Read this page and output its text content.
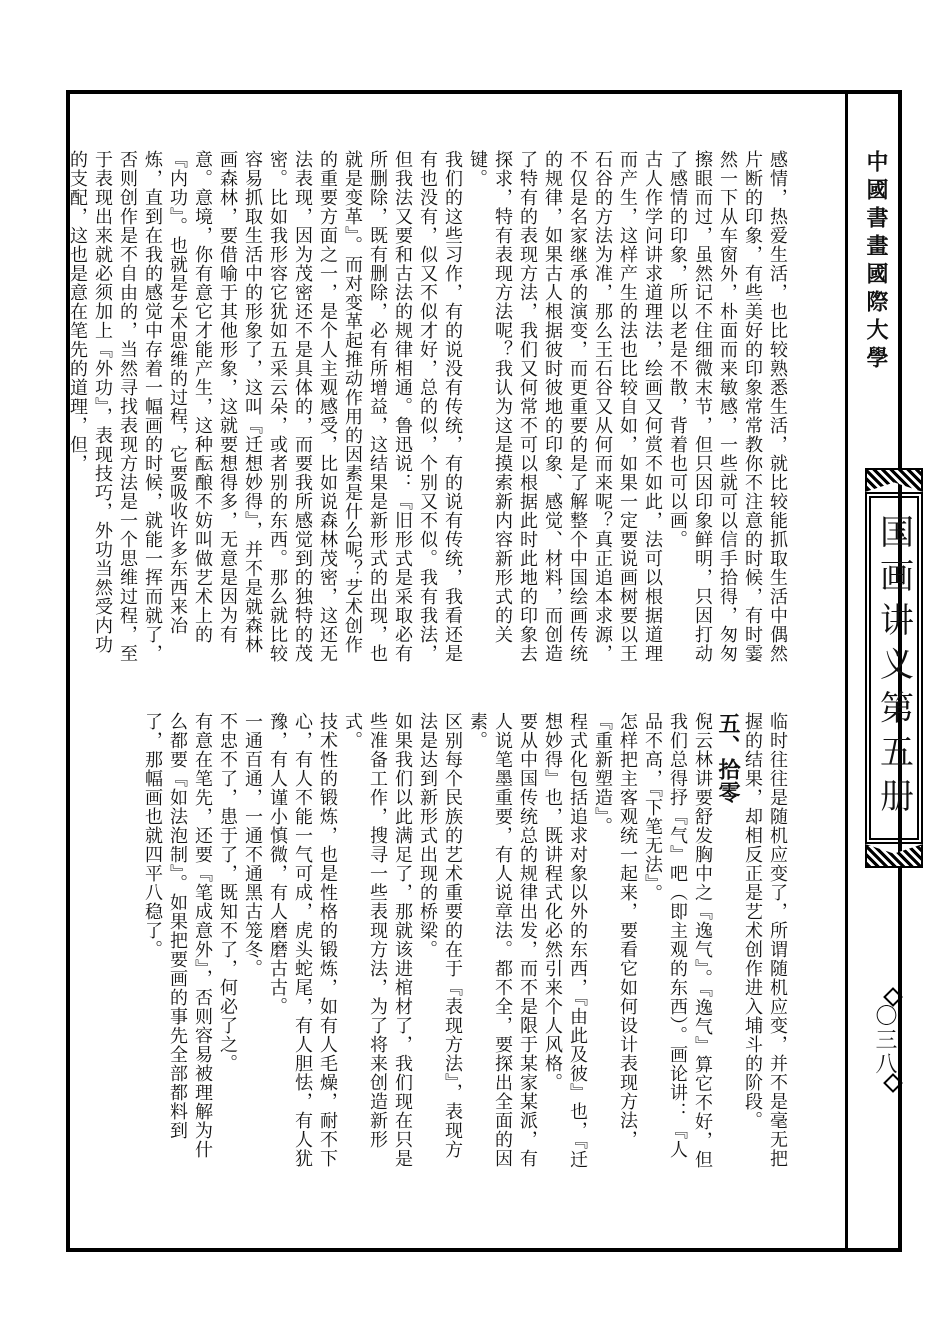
中國書畫國際大學
国画讲义第五册
〇三八

感情，热爱生活，也比较熟悉生活，就比较能抓取生活中偶然片断的印象，有些美好的印象常常教你不注意的时候，有时霎然一下从车窗外，朴面而来敏感，一些就可以信手拾得，匆匆擦眼而过，虽然记不住细微末节，但只因印象鲜明，只因打动了感情的印象，所以老是不散，背着也可以画。

古人作学问讲求道理法，绘画又何赏不如此，法可以根据道理而产生，这样产生的法也比较自如，如果一定要说画树要以王石谷的方法为准，那么王石谷又从何而来呢？真正追本求源，不仅是名家继承的演变，而更重要的是了解整个中国绘画传统的规律，如果古人根据彼时彼地的印象、感觉、材料，而创造了特有的表现方法，我们又何常不可以根据此时此地的印象去探求，特有表现方法呢？我认为这是摸索新内容新形式的关键。

我们的这些习作，有的说没有传统，有的说有传统，我看还是有也没有，似又不似才好，总的似，个别又不似。我有我法，但我法又要和古法的规律相通。鲁迅说：『旧形式是采取必有所删除，既有删除，必有所增益，这结果是新形式的出现，也就是变革』。而对变革起推动作用的因素是什么呢？艺术创作的重要方面之一，是个人主观感受，比如说森林茂密，这还无法表现，因为茂密还不是具体的，而要我所感觉到的独特的茂密。比如我形容它犹如五采云朵，或者别的东西。那么就比较容易抓取生活中的形象了，这叫『迁想妙得』，并不是就森林画森林，要借喻于其他形象，这就要想得多，无意是因为有意。意境，你有意它才能产生，这种酝酿不妨叫做艺术上的『内功』。也就是艺术思维的过程，它要吸收许多东西来冶炼，直到在我的感觉中存着一幅画的时候，就能一挥而就了，否则创作是不自由的，当然寻找表现方法是一个思维过程，至于表现出来就必须加上『外功』，表现技巧，外功当然受内功的支配，这也是意在笔先的道理，但，

临时往往是随机应变了，所谓随机应变，并不是毫无把握的结果，却相反正是艺术创作进入埔斗的阶段。

五、拾零

倪云林讲要舒发胸中之『逸气』。『逸气』算它不好，但我们总得抒『气』吧（即主观的东西）。画论讲：『人品不高，『下笔无法』。

怎样把主客观统一起来，要看它如何设计表现方法，『重新塑造』。

程式化包括追求对象以外的东西，『由此及彼』也，『迁想妙得』也，既讲程式化必然引来个人风格。

要从中国传统总的规律出发，而不是限于某家某派，有人说笔墨重要，有人说章法。都不全，要探出全面的因素。

区别每个民族的艺术重要的在于『表现方法』，表现方法是达到新形式出现的桥梁。

如果我们以此满足了，那就该进棺材了，我们现在只是些准备工作，搜寻一些表现方法，为了将来创造新形式。

技术性的锻炼，也是性格的锻炼，如有人毛燥，耐不下心，有人不能一气可成，虎头蛇尾，有人胆怯，有人犹豫，有人谨小慎微，有人磨磨古古。

一通百通，一通不通黑古笼冬。

不忠不了，患于了，既知不了，何必了之。

有意在笔先，还要『笔成意外』，否则容易被理解为什么都要『如法泡制』。如果把要画的事先全部都料到了，那幅画也就四平八稳了。
